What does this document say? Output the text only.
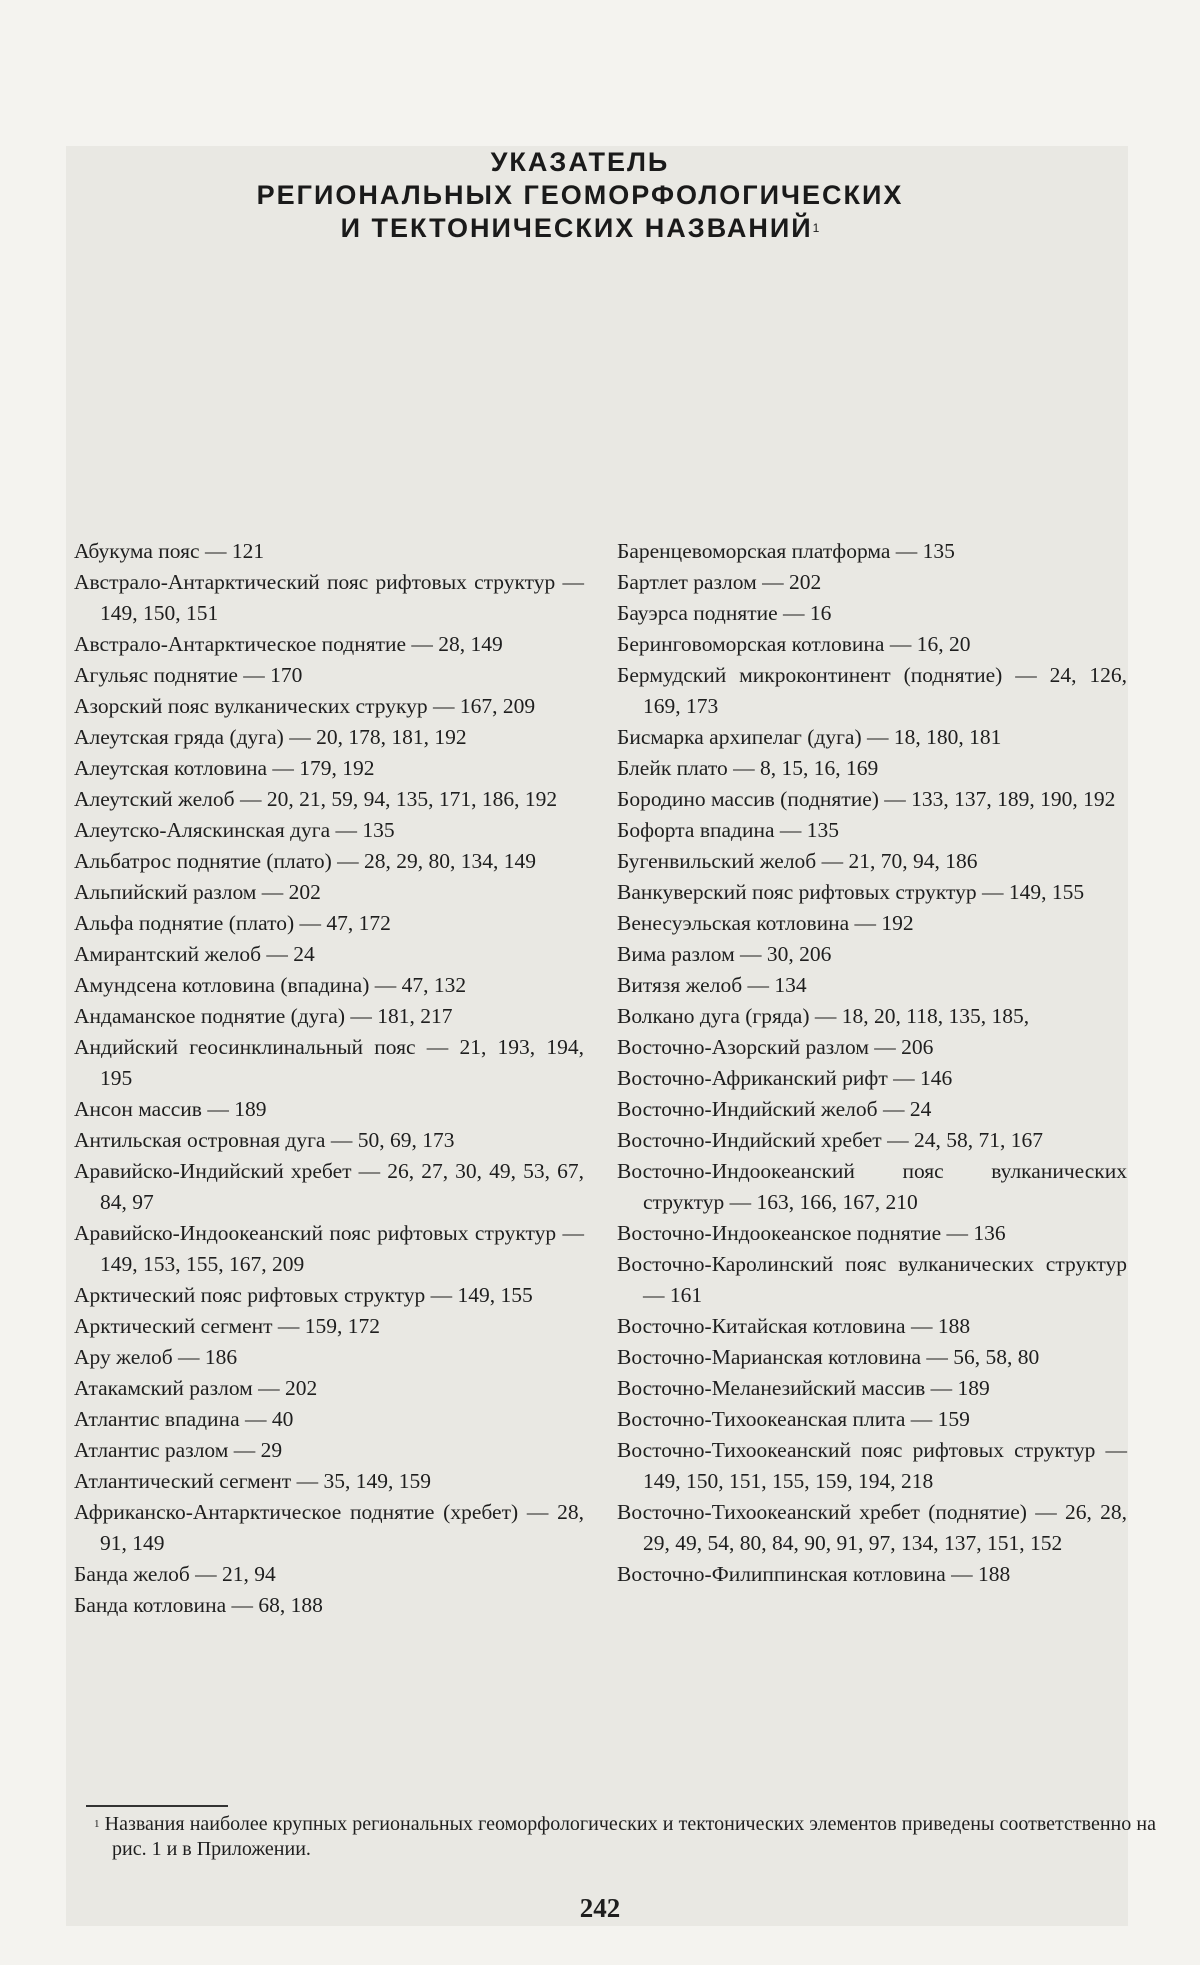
УКАЗАТЕЛЬ
РЕГИОНАЛЬНЫХ ГЕОМОРФОЛОГИЧЕСКИХ
И ТЕКТОНИЧЕСКИХ НАЗВАНИЙ$^1$
Абукума пояс — 121
Австрало-Антарктический пояс рифтовых структур — 149, 150, 151
Австрало-Антарктическое поднятие — 28, 149
Агульяс поднятие — 170
Азорский пояс вулканических струкур — 167, 209
Алеутская гряда (дуга) — 20, 178, 181, 192
Алеутская котловина — 179, 192
Алеутский желоб — 20, 21, 59, 94, 135, 171, 186, 192
Алеутско-Аляскинская дуга — 135
Альбатрос поднятие (плато) — 28, 29, 80, 134, 149
Альпийский разлом — 202
Альфа поднятие (плато) — 47, 172
Амирантский желоб — 24
Амундсена котловина (впадина) — 47, 132
Андаманское поднятие (дуга) — 181, 217
Андийский геосинклинальный пояс — 21, 193, 194, 195
Ансон массив — 189
Антильская островная дуга — 50, 69, 173
Аравийско-Индийский хребет — 26, 27, 30, 49, 53, 67, 84, 97
Аравийско-Индоокеанский пояс рифтовых структур — 149, 153, 155, 167, 209
Арктический пояс рифтовых структур — 149, 155
Арктический сегмент — 159, 172
Ару желоб — 186
Атакамский разлом — 202
Атлантис впадина — 40
Атлантис разлом — 29
Атлантический сегмент — 35, 149, 159
Африканско-Антарктическое поднятие (хребет) — 28, 91, 149
Банда желоб — 21, 94
Банда котловина — 68, 188
Баренцевоморская платформа — 135
Бартлет разлом — 202
Бауэрса поднятие — 16
Беринговоморская котловина — 16, 20
Бермудский микроконтинент (поднятие) — 24, 126, 169, 173
Бисмарка архипелаг (дуга) — 18, 180, 181
Блейк плато — 8, 15, 16, 169
Бородино массив (поднятие) — 133, 137, 189, 190, 192
Бофорта впадина — 135
Бугенвильский желоб — 21, 70, 94, 186
Ванкуверский пояс рифтовых структур — 149, 155
Венесуэльская котловина — 192
Вима разлом — 30, 206
Витязя желоб — 134
Волкано дуга (гряда) — 18, 20, 118, 135, 185,
Восточно-Азорский разлом — 206
Восточно-Африканский рифт — 146
Восточно-Индийский желоб — 24
Восточно-Индийский хребет — 24, 58, 71, 167
Восточно-Индоокеанский пояс вулканических структур — 163, 166, 167, 210
Восточно-Индоокеанское поднятие — 136
Восточно-Каролинский пояс вулканических структур — 161
Восточно-Китайская котловина — 188
Восточно-Марианская котловина — 56, 58, 80
Восточно-Меланезийский массив — 189
Восточно-Тихоокеанская плита — 159
Восточно-Тихоокеанский пояс рифтовых структур — 149, 150, 151, 155, 159, 194, 218
Восточно-Тихоокеанский хребет (поднятие) — 26, 28, 29, 49, 54, 80, 84, 90, 91, 97, 134, 137, 151, 152
Восточно-Филиппинская котловина — 188
$^1$ Названия наиболее крупных региональных геоморфологических и тектонических элементов приведены соответственно на рис. 1 и в Приложении.
242
